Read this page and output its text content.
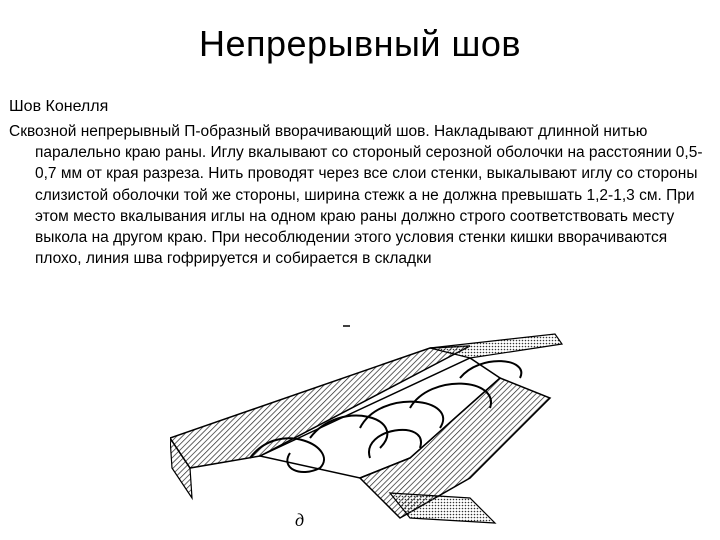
Непрерывный шов
Шов Конелля

Сквозной непрерывный П-образный вворачивающий шов. Накладывают длинной нитью паралельно краю раны. Иглу вкалывают со стороный серозной оболочки на расстоянии 0,5-0,7 мм от края разреза. Нить проводят через все слои стенки, выкалывают иглу со стороны слизистой оболочки той же стороны, ширина стежк а не должна превышать 1,2-1,3 см. При этом место вкалывания иглы на одном краю раны должно строго соответствовать месту выкола на другом краю. При несоблюдении этого условия стенки кишки вворачиваются плохо, линия шва гофрируется и собирается в складки

д
